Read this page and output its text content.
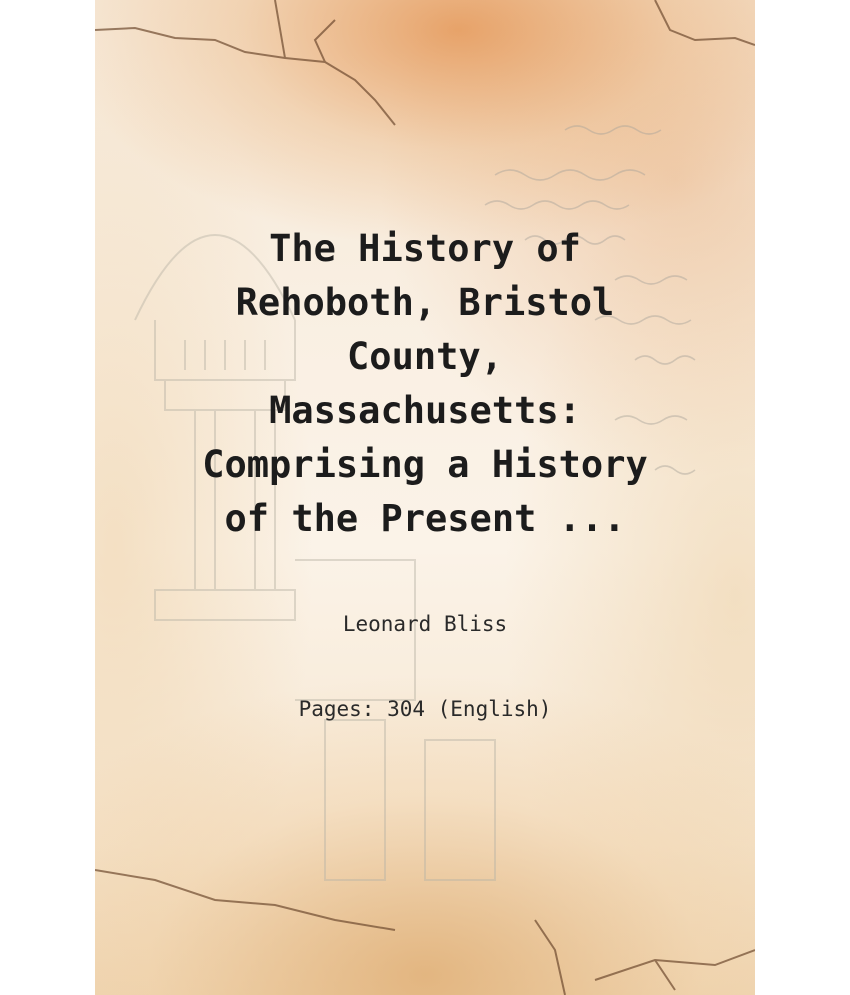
The History of
Rehoboth, Bristol
County,
Massachusetts:
Comprising a History
of the Present ...
Leonard Bliss
Pages: 304 (English)
